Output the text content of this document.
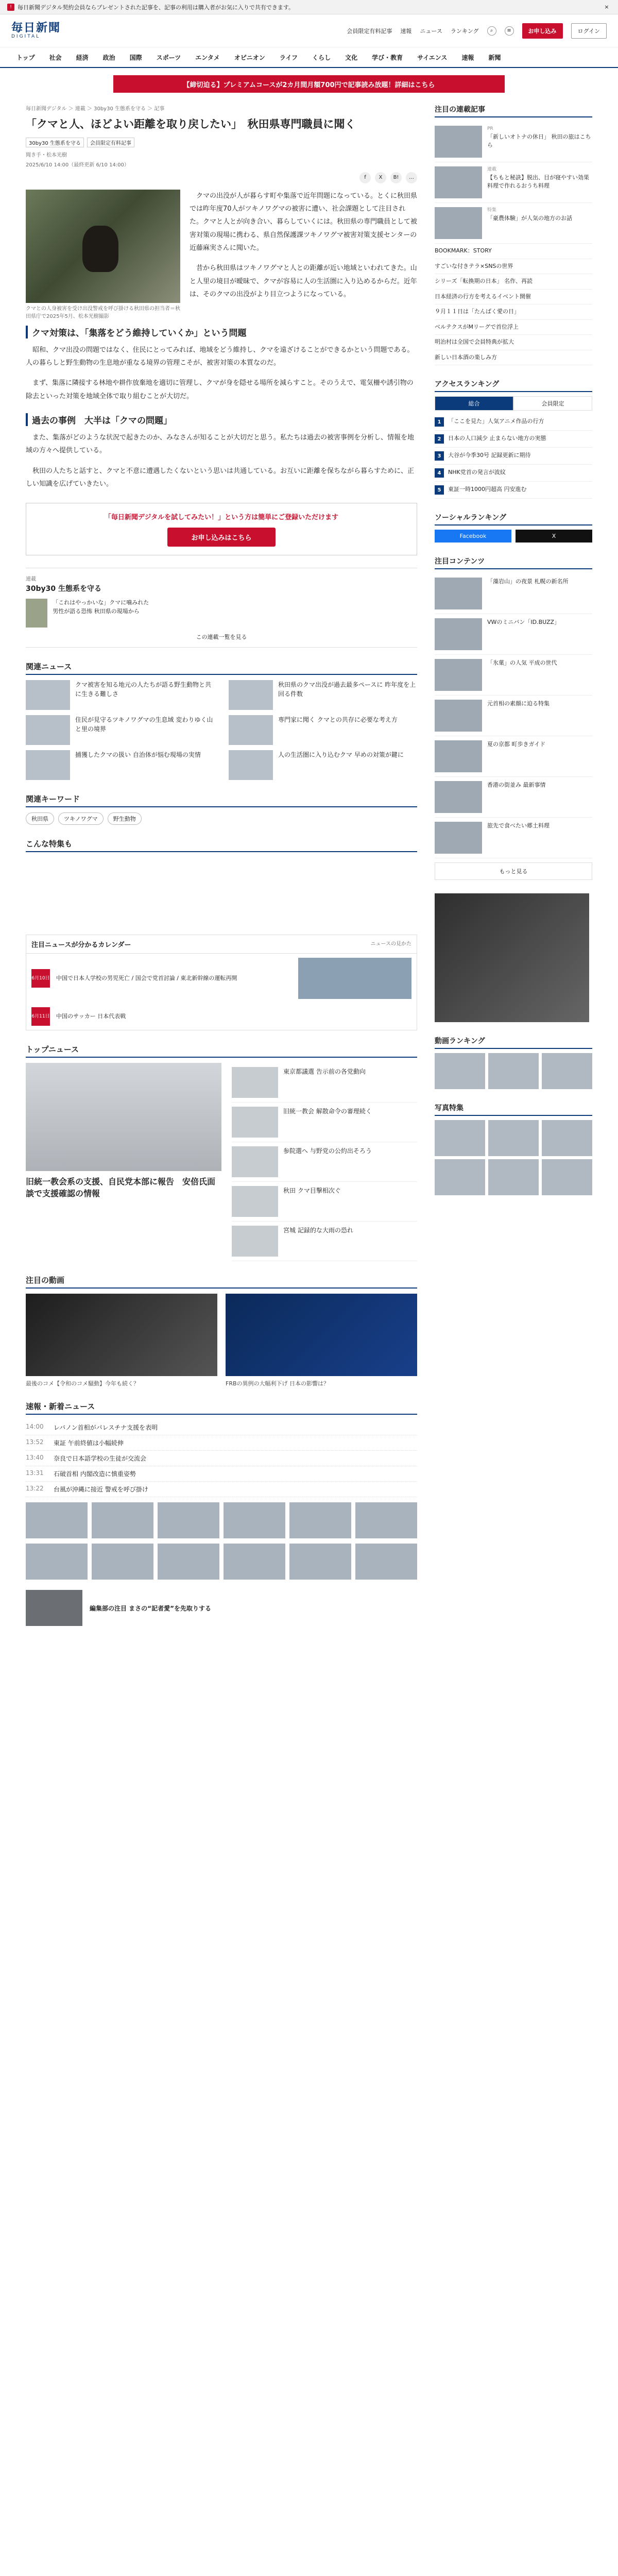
!	毎日新聞デジタル契約会員ならプレゼントされた記事を、記事の利用は購入者がお気に入りで共有できます。	×
毎日新聞
DIGITAL
会員限定有料記事 速報 ニュース ランキング	⌕	≡	お申し込み	ログイン
トップ	社会	経済	政治	国際	スポーツ	エンタメ	オピニオン	ライフ	くらし	文化	学び・教育	サイエンス	速報	新聞
【締切迫る】プレミアムコースが2カ月間月額700円で記事読み放題！詳細はこちら
毎日新聞デジタル ＞ 連載 ＞ 30by30 生態系を守る ＞ 記事
「クマと人、ほどよい距離を取り戻したい」　秋田県専門職員に聞く
30by30 生態系を守る	会員限定有料記事
聞き手・松本光樹
2025/6/10 14:00（最終更新 6/10 14:00）
f	X	B!	…
クマとの人身被害を受け出没警戒を呼び掛ける秋田県の担当者＝秋田県庁で2025年5月、松本光樹撮影

クマの出没が人が暮らす町や集落で近年問題になっている。とくに秋田県では昨年度70人がツキノワグマの被害に遭い、社会課題として注目された。クマと人とが向き合い、暮らしていくには。秋田県の専門職員として被害対策の現場に携わる、県自然保護課ツキノワグマ被害対策支援センターの近藤麻実さんに聞いた。

昔から秋田県はツキノワグマと人との距離が近い地域といわれてきた。山と人里の境目が曖昧で、クマが容易に人の生活圏に入り込めるからだ。近年は、そのクマの出没がより目立つようになっている。

クマ対策は、「集落をどう維持していくか」という問題

昭和、クマ出没の問題ではなく、住民にとってみれば、地域をどう維持し、クマを遠ざけることができるかという問題である。人の暮らしと野生動物の生息地が重なる境界の管理こそが、被害対策の本質なのだ。

まず、集落に隣接する林地や耕作放棄地を適切に管理し、クマが身を隠せる場所を減らすこと。そのうえで、電気柵や誘引物の除去といった対策を地域全体で取り組むことが大切だ。

過去の事例　大半は「クマの問題」

また、集落がどのような状況で起きたのか、みなさんが知ることが大切だと思う。私たちは過去の被害事例を分析し、情報を地域の方々へ提供している。

秋田の人たちと話すと、クマと不意に遭遇したくないという思いは共通している。お互いに距離を保ちながら暮らすために、正しい知識を広げていきたい。

「毎日新聞デジタルを試してみたい！」という方は簡単にご登録いただけます
お申し込みはこちら
連載
30by30 生態系を守る
「これはやっかいな」クマに噛みれた男性が語る恐怖 秋田県の現場から
この連載一覧を見る
関連ニュース
クマ被害を知る地元の人たちが語る野生動物と共に生きる難しさ
秋田県のクマ出没が過去最多ペースに 昨年度を上回る件数
住民が見守るツキノワグマの生息域 変わりゆく山と里の境界
専門家に聞く クマとの共存に必要な考え方
捕獲したクマの扱い 自治体が悩む現場の実情	人の生活圏に入り込むクマ 早めの対策が鍵に
関連キーワード
秋田県	ツキノワグマ	野生動物
こんな特集も
注目ニュースが分かるカレンダー	ニュースの見かた
6月10日 中国で日本人学校の男児死亡 / 国会で党首討論 / 東北新幹線の運転再開
6月11日 中国のサッカー 日本代表戦
トップニュース
旧統一教会系の支援、自民党本部に報告　安倍氏面談で支援確認の情報
東京都議選 告示前の各党動向
旧統一教会 解散命令の審理続く
参院選へ 与野党の公約出そろう
秋田 クマ目撃相次ぐ
宮城 記録的な大雨の恐れ
注目の動画
最後のコメ【令和のコメ騒動】今年も続く？	FRBの異例の大幅利下げ 日本の影響は？
速報・新着ニュース
14:00	レバノン首相がパレスチナ支援を表明
13:52	東証 午前終値は小幅続伸
13:40	奈良で日本語学校の生徒が交流会
13:31	石破首相 内閣改造に慎重姿勢
13:22	台風が沖縄に接近 警戒を呼び掛け
編集部の注目 まさの“記者愛”を先取りする
注目の連載記事
PR
「新しいオトナの休日」 秋田の旅はこちら
連載
【ちもと秘訣】脱出、目が寝やすい効果 料理で作れるおうち料理
特集
「豪農体験」が人気の地方のお話
BOOKMARK：STORY
すごいな付きテラ×SNSの世界
シリーズ「転換期の日本」 名作、再読
日本経済の行方を考えるイベント開催
９月１１日は「たんばく愛の日」
ベルテクスがMリーグで首位浮上
明治村は全国で会員特典が拡大
新しい日本酒の楽しみ方
アクセスランキング
総合	会員限定
1	「ここを見た」人気アニメ作品の行方
2	日本の人口減少 止まらない地方の実態
3	大谷が今季30号 記録更新に期待
4	NHK党首の発言が波紋
5	東証一時1000円超高 円安進む
ソーシャルランキング
Facebook	X
注目コンテンツ
「藻岩山」の夜景 札幌の新名所
VWのミニバン「ID.BUZZ」
「氷菓」の人気 平成の世代
元首相の素顔に迫る特集
夏の京都 町歩きガイド
香港の街並み 最新事情
旅先で食べたい郷土料理
もっと見る
動画ランキング
写真特集
